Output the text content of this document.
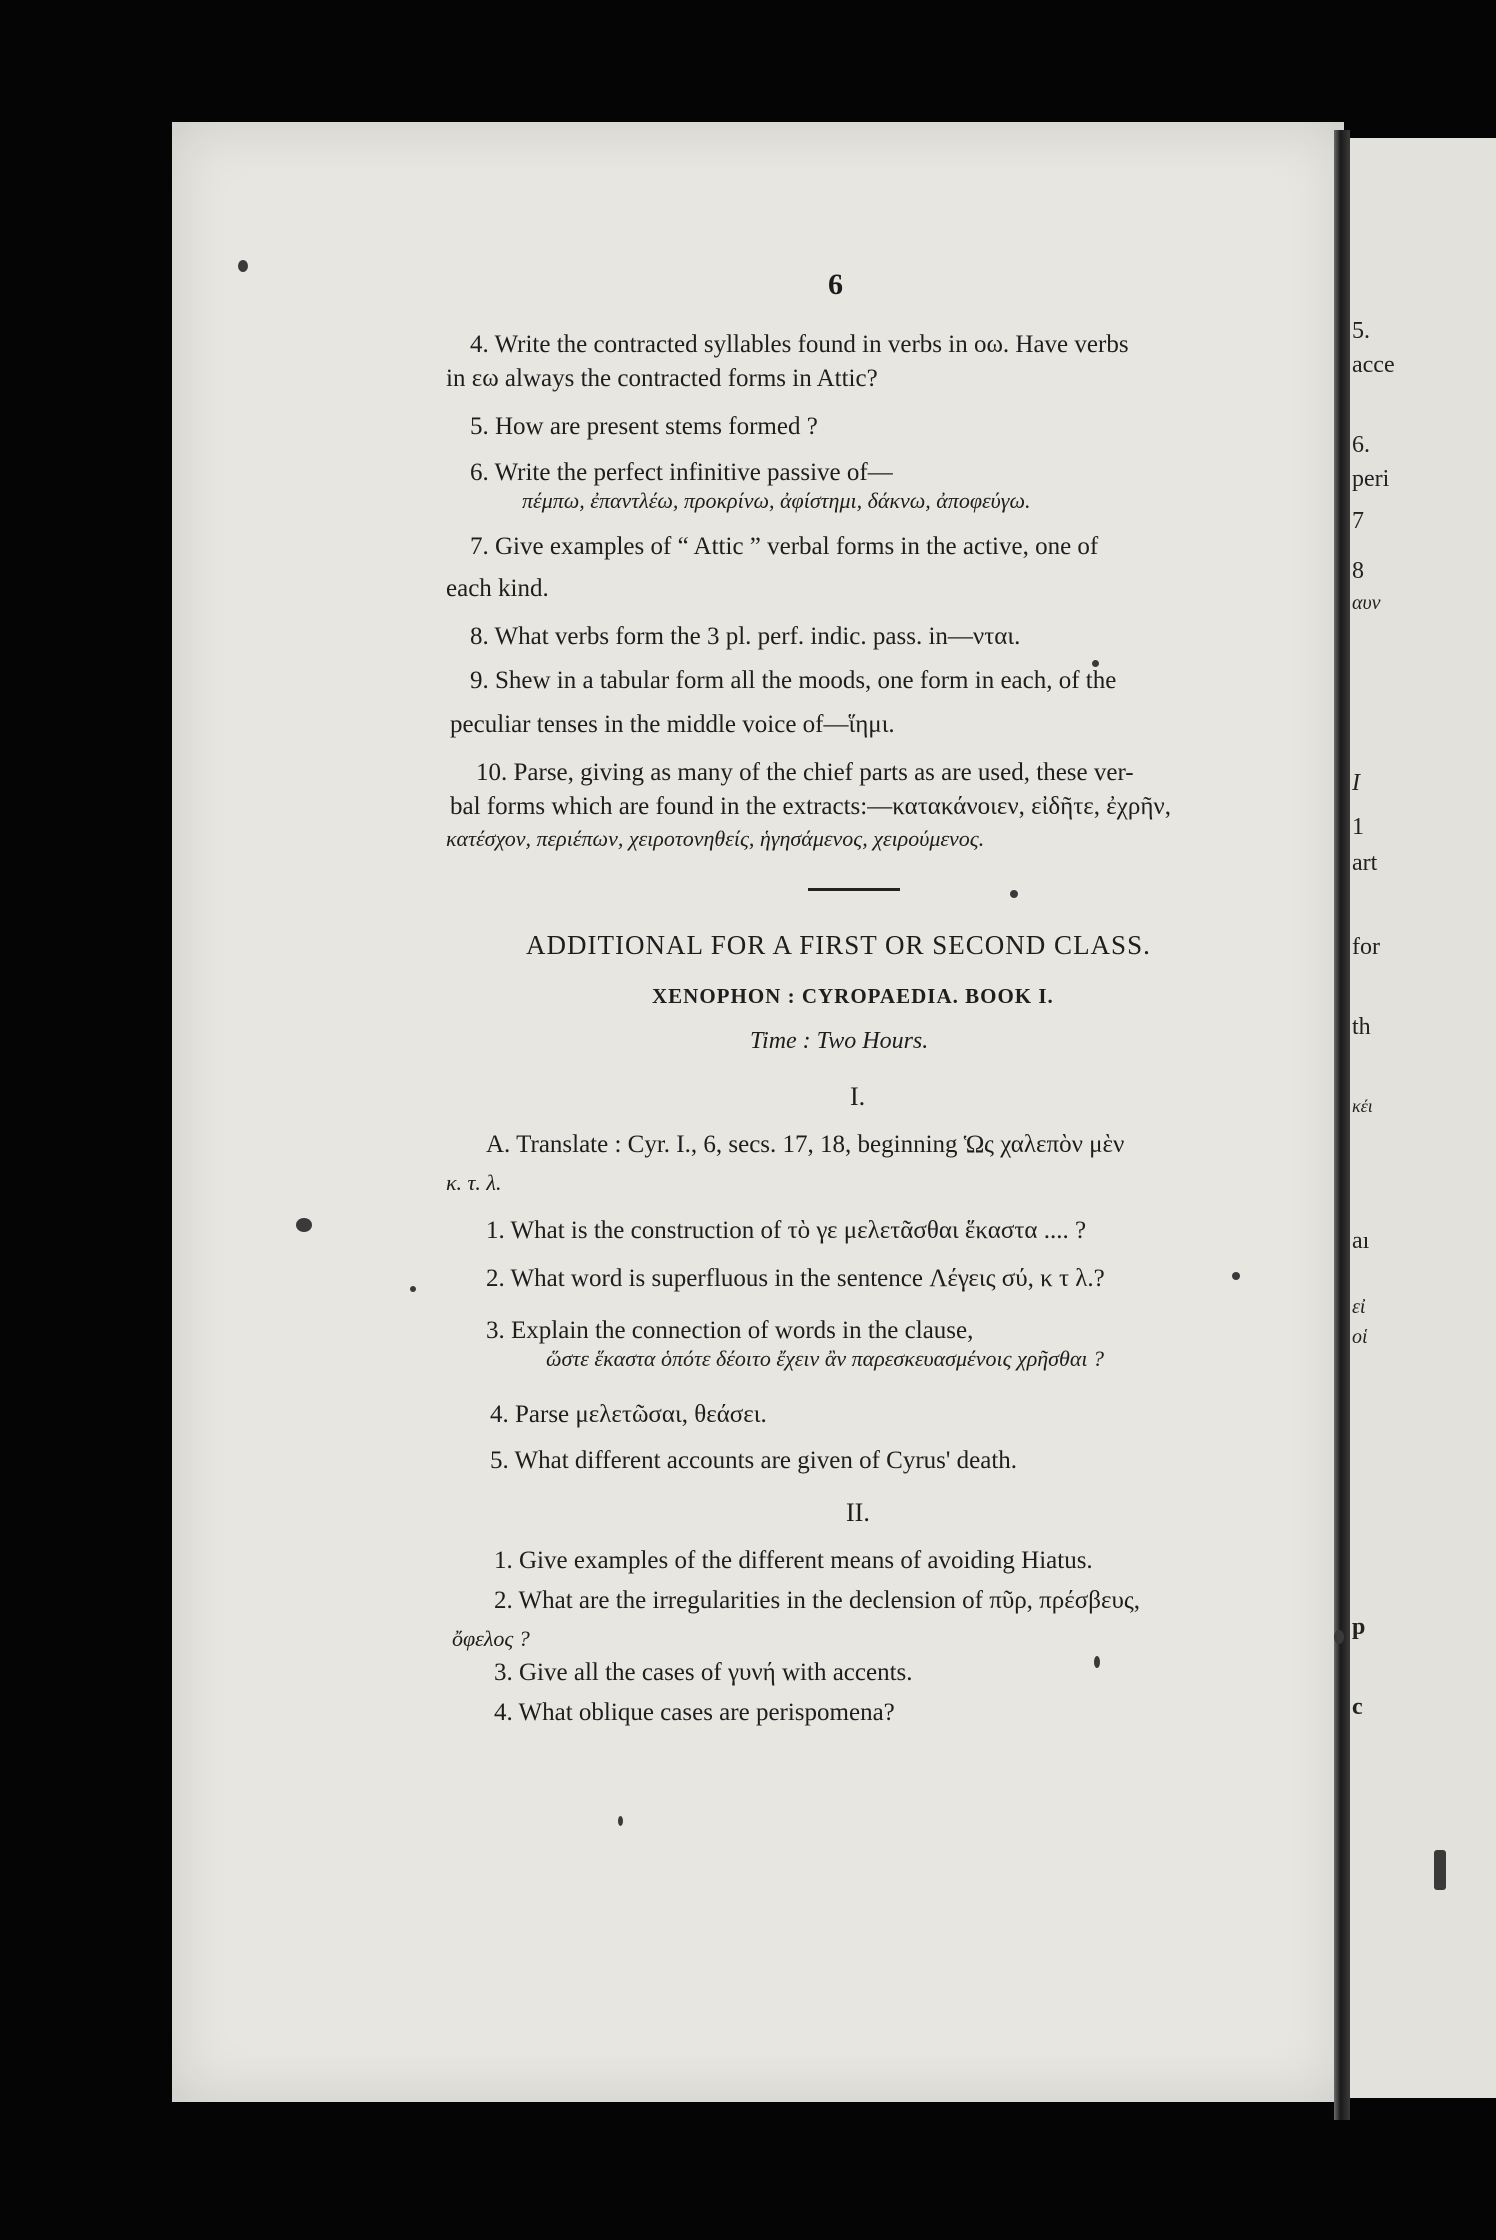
5.
acce
6.
peri
7
8
αυν
I
1
art
for
th
κέι
aı
εἰ
οἱ
p
c
6
4. Write the contracted syllables found in verbs in οω. Have verbs
in εω always the contracted forms in Attic?
5. How are present stems formed ?
6. Write the perfect infinitive passive of—
πέμπω, ἐπαντλέω, προκρίνω, ἀφίστημι, δάκνω, ἀποφεύγω.
7. Give examples of “ Attic ” verbal forms in the active, one of
each kind.
8. What verbs form the 3 pl. perf. indic. pass. in—νται.
9. Shew in a tabular form all the moods, one form in each, of the
peculiar tenses in the middle voice of—ἵημι.
10. Parse, giving as many of the chief parts as are used, these ver-
bal forms which are found in the extracts:—κατακάνοιεν, εἰδῆτε, ἐχρῆν,
κατέσχον, περιέπων, χειροτονηθείς, ἡγησάμενος, χειρούμενος.
ADDITIONAL FOR A FIRST OR SECOND CLASS.
XENOPHON : CYROPAEDIA. BOOK I.
Time : Two Hours.
I.
A. Translate : Cyr. I., 6, secs. 17, 18, beginning Ὡς χαλεπὸν μὲν
κ. τ. λ.
1. What is the construction of τὸ γε μελετᾶσθαι ἕκαστα .... ?
2. What word is superfluous in the sentence Λέγεις σύ, κ τ λ.?
3. Explain the connection of words in the clause,
ὥστε ἕκαστα ὁπότε δέοιτο ἔχειν ἂν παρεσκευασμένοις χρῆσθαι ?
4. Parse μελετῶσαι, θεάσει.
5. What different accounts are given of Cyrus' death.
II.
1. Give examples of the different means of avoiding Hiatus.
2. What are the irregularities in the declension of πῦρ, πρέσβευς,
ὄφελος ?
3. Give all the cases of γυνή with accents.
4. What oblique cases are perispomena?
